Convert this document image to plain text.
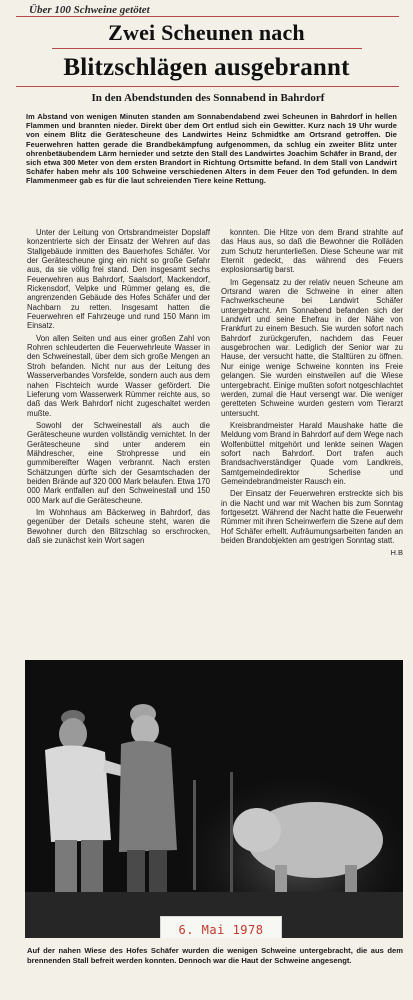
Über 100 Schweine getötet
Zwei Scheunen nach
Blitzschlägen ausgebrannt
In den Abendstunden des Sonnabend in Bahrdorf
Im Abstand von wenigen Minuten standen am Sonnabendabend zwei Scheunen in Bahrdorf in hellen Flammen und brannten nieder. Direkt über dem Ort entlud sich ein Gewitter. Kurz nach 19 Uhr wurde von einem Blitz die Gerätescheune des Landwirtes Heinz Schmidtke am Ortsrand getroffen. Die Feuerwehren hatten gerade die Brandbekämpfung aufgenommen, da schlug ein zweiter Blitz unter ohrenbetäubendem Lärm hernieder und setzte den Stall des Landwirtes Joachim Schäfer in Brand, der sich etwa 300 Meter von dem ersten Brandort in Richtung Ortsmitte befand. In dem Stall von Landwirt Schäfer haben mehr als 100 Schweine verschiedenen Alters in dem Feuer den Tod gefunden. In dem Flammenmeer gab es für die laut schreienden Tiere keine Rettung.

Unter der Leitung von Ortsbrandmeister Dopslaff konzentrierte sich der Einsatz der Wehren auf das Stallgebäude inmitten des Bauerhofes Schäfer. Vor der Gerätescheune ging ein nicht so große Gefahr aus, da sie völlig frei stand. Den insgesamt sechs Feuerwehren aus Bahrdorf, Saalsdorf, Mackendorf, Rickensdorf, Velpke und Rümmer gelang es, die angrenzenden Gebäude des Hofes Schäfer und der Nachbarn zu retten. Insgesamt hatten die Feuerwehren elf Fahrzeuge und rund 150 Mann im Einsatz.

Von allen Seiten und aus einer großen Zahl von Rohren schleuderten die Feuerwehrleute Wasser in den Schweinestall, über dem sich große Mengen an Stroh befanden. Nicht nur aus der Leitung des Wasserverbandes Vorsfelde, sondern auch aus dem nahen Fischteich wurde Wasser gefördert. Die Lieferung vom Wasserwerk Rümmer reichte aus, so daß das Werk Bahrdorf nicht zugeschaltet werden mußte.

Sowohl der Schweinestall als auch die Gerätescheune wurden vollständig vernichtet. In der Gerätescheune sind unter anderem ein Mähdrescher, eine Strohpresse und ein gummibereifter Wagen verbrannt. Nach ersten Schätzungen dürfte sich der Gesamtschaden der beiden Brände auf 320 000 Mark belaufen. Etwa 170 000 Mark entfallen auf den Schweinestall und 150 000 Mark auf die Gerätescheune.

Im Wohnhaus am Bäckerweg in Bahrdorf, das gegenüber der Details scheune steht, waren die Bewohner durch den Blitzschlag so erschrocken, daß sie zunächst kein Wort sagen

konnten. Die Hitze von dem Brand strahlte auf das Haus aus, so daß die Bewohner die Rolläden zum Schutz herunterließen. Diese Scheune war mit Eternit gedeckt, das während des Feuers explosionsartig barst.

Im Gegensatz zu der relativ neuen Scheune am Ortsrand waren die Schweine in einer alten Fachwerkscheune bei Landwirt Schäfer untergebracht. Am Sonnabend befanden sich der Landwirt und seine Ehefrau in der Nähe von Frankfurt zu einem Besuch. Sie wurden sofort nach Bahrdorf zurückgerufen, nachdem das Feuer ausgebrochen war. Lediglich der Senior war zu Hause, der versucht hatte, die Stalltüren zu öffnen. Nur einige wenige Schweine konnten ins Freie gelangen. Sie wurden einstweilen auf die Wiese untergebracht. Einige mußten sofort notgeschlachtet werden, zumal die Haut versengt war. Die weniger geretteten Schweine wurden gestern vom Tierarzt untersucht.

Kreisbrandmeister Harald Maushake hatte die Meldung vom Brand in Bahrdorf auf dem Wege nach Wolfenbüttel mitgehört und lenkte seinen Wagen sofort nach Bahrdorf. Dort trafen auch Brandsachverständiger Quade vom Landkreis, Samtgemeindedirektor Scherlise und Gemeindebrandmeister Rausch ein.

Der Einsatz der Feuerwehren erstreckte sich bis in die Nacht und war mit Wachen bis zum Sonntag fortgesetzt. Während der Nacht hatte die Feuerwehr Rümmer mit ihren Scheinwerfern die Szene auf dem Hof Schäfer erhellt. Aufräumungsarbeiten fanden an beiden Brandobjekten am gestrigen Sonntag statt.

H.B
6. Mai 1978
Auf der nahen Wiese des Hofes Schäfer wurden die wenigen Schweine untergebracht, die aus dem brennenden Stall befreit werden konnten. Dennoch war die Haut der Schweine angesengt.
